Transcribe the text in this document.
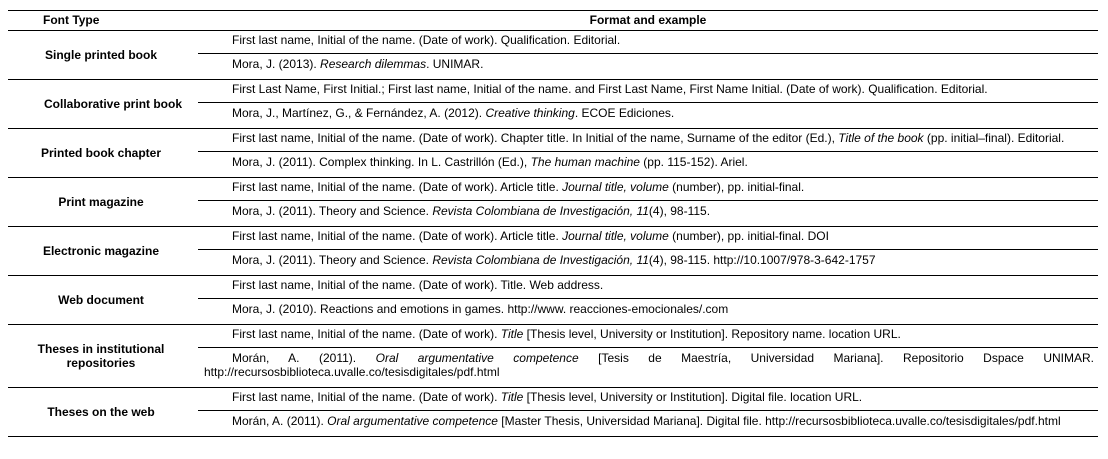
Font Type	Format and example
Single printed book	First last name, Initial of the name. (Date of work). Qualification. Editorial.
	Mora, J. (2013). Research dilemmas. UNIMAR.
Collaborative print book	First Last Name, First Initial.; First last name, Initial of the name. and First Last Name, First Name Initial. (Date of work). Qualification. Editorial.
	Mora, J., Martínez, G., & Fernández, A. (2012). Creative thinking. ECOE Ediciones.
Printed book chapter	First last name, Initial of the name. (Date of work). Chapter title. In Initial of the name, Surname of the editor (Ed.), Title of the book (pp. initial–final). Editorial.
	Mora, J. (2011). Complex thinking. In L. Castrillón (Ed.), The human machine (pp. 115-152). Ariel.
Print magazine	First last name, Initial of the name. (Date of work). Article title. Journal title, volume (number), pp. initial-final.
	Mora, J. (2011). Theory and Science. Revista Colombiana de Investigación, 11(4), 98-115.
Electronic magazine	First last name, Initial of the name. (Date of work). Article title. Journal title, volume (number), pp. initial-final. DOI
	Mora, J. (2011). Theory and Science. Revista Colombiana de Investigación, 11(4), 98-115. http://10.1007/978-3-642-1757
Web document	First last name, Initial of the name. (Date of work). Title. Web address.
	Mora, J. (2010). Reactions and emotions in games. http://www. reacciones-emocionales/.com
Theses in institutional repositories	First last name, Initial of the name. (Date of work). Title [Thesis level, University or Institution]. Repository name. location URL.
	Morán, A. (2011). Oral argumentative competence [Tesis de Maestría, Universidad Mariana]. Repositorio Dspace UNIMAR. http://recursosbiblioteca.uvalle.co/tesisdigitales/pdf.html
Theses on the web	First last name, Initial of the name. (Date of work). Title [Thesis level, University or Institution]. Digital file. location URL.
	Morán, A. (2011). Oral argumentative competence [Master Thesis, Universidad Mariana]. Digital file. http://recursosbiblioteca.uvalle.co/tesisdigitales/pdf.html
